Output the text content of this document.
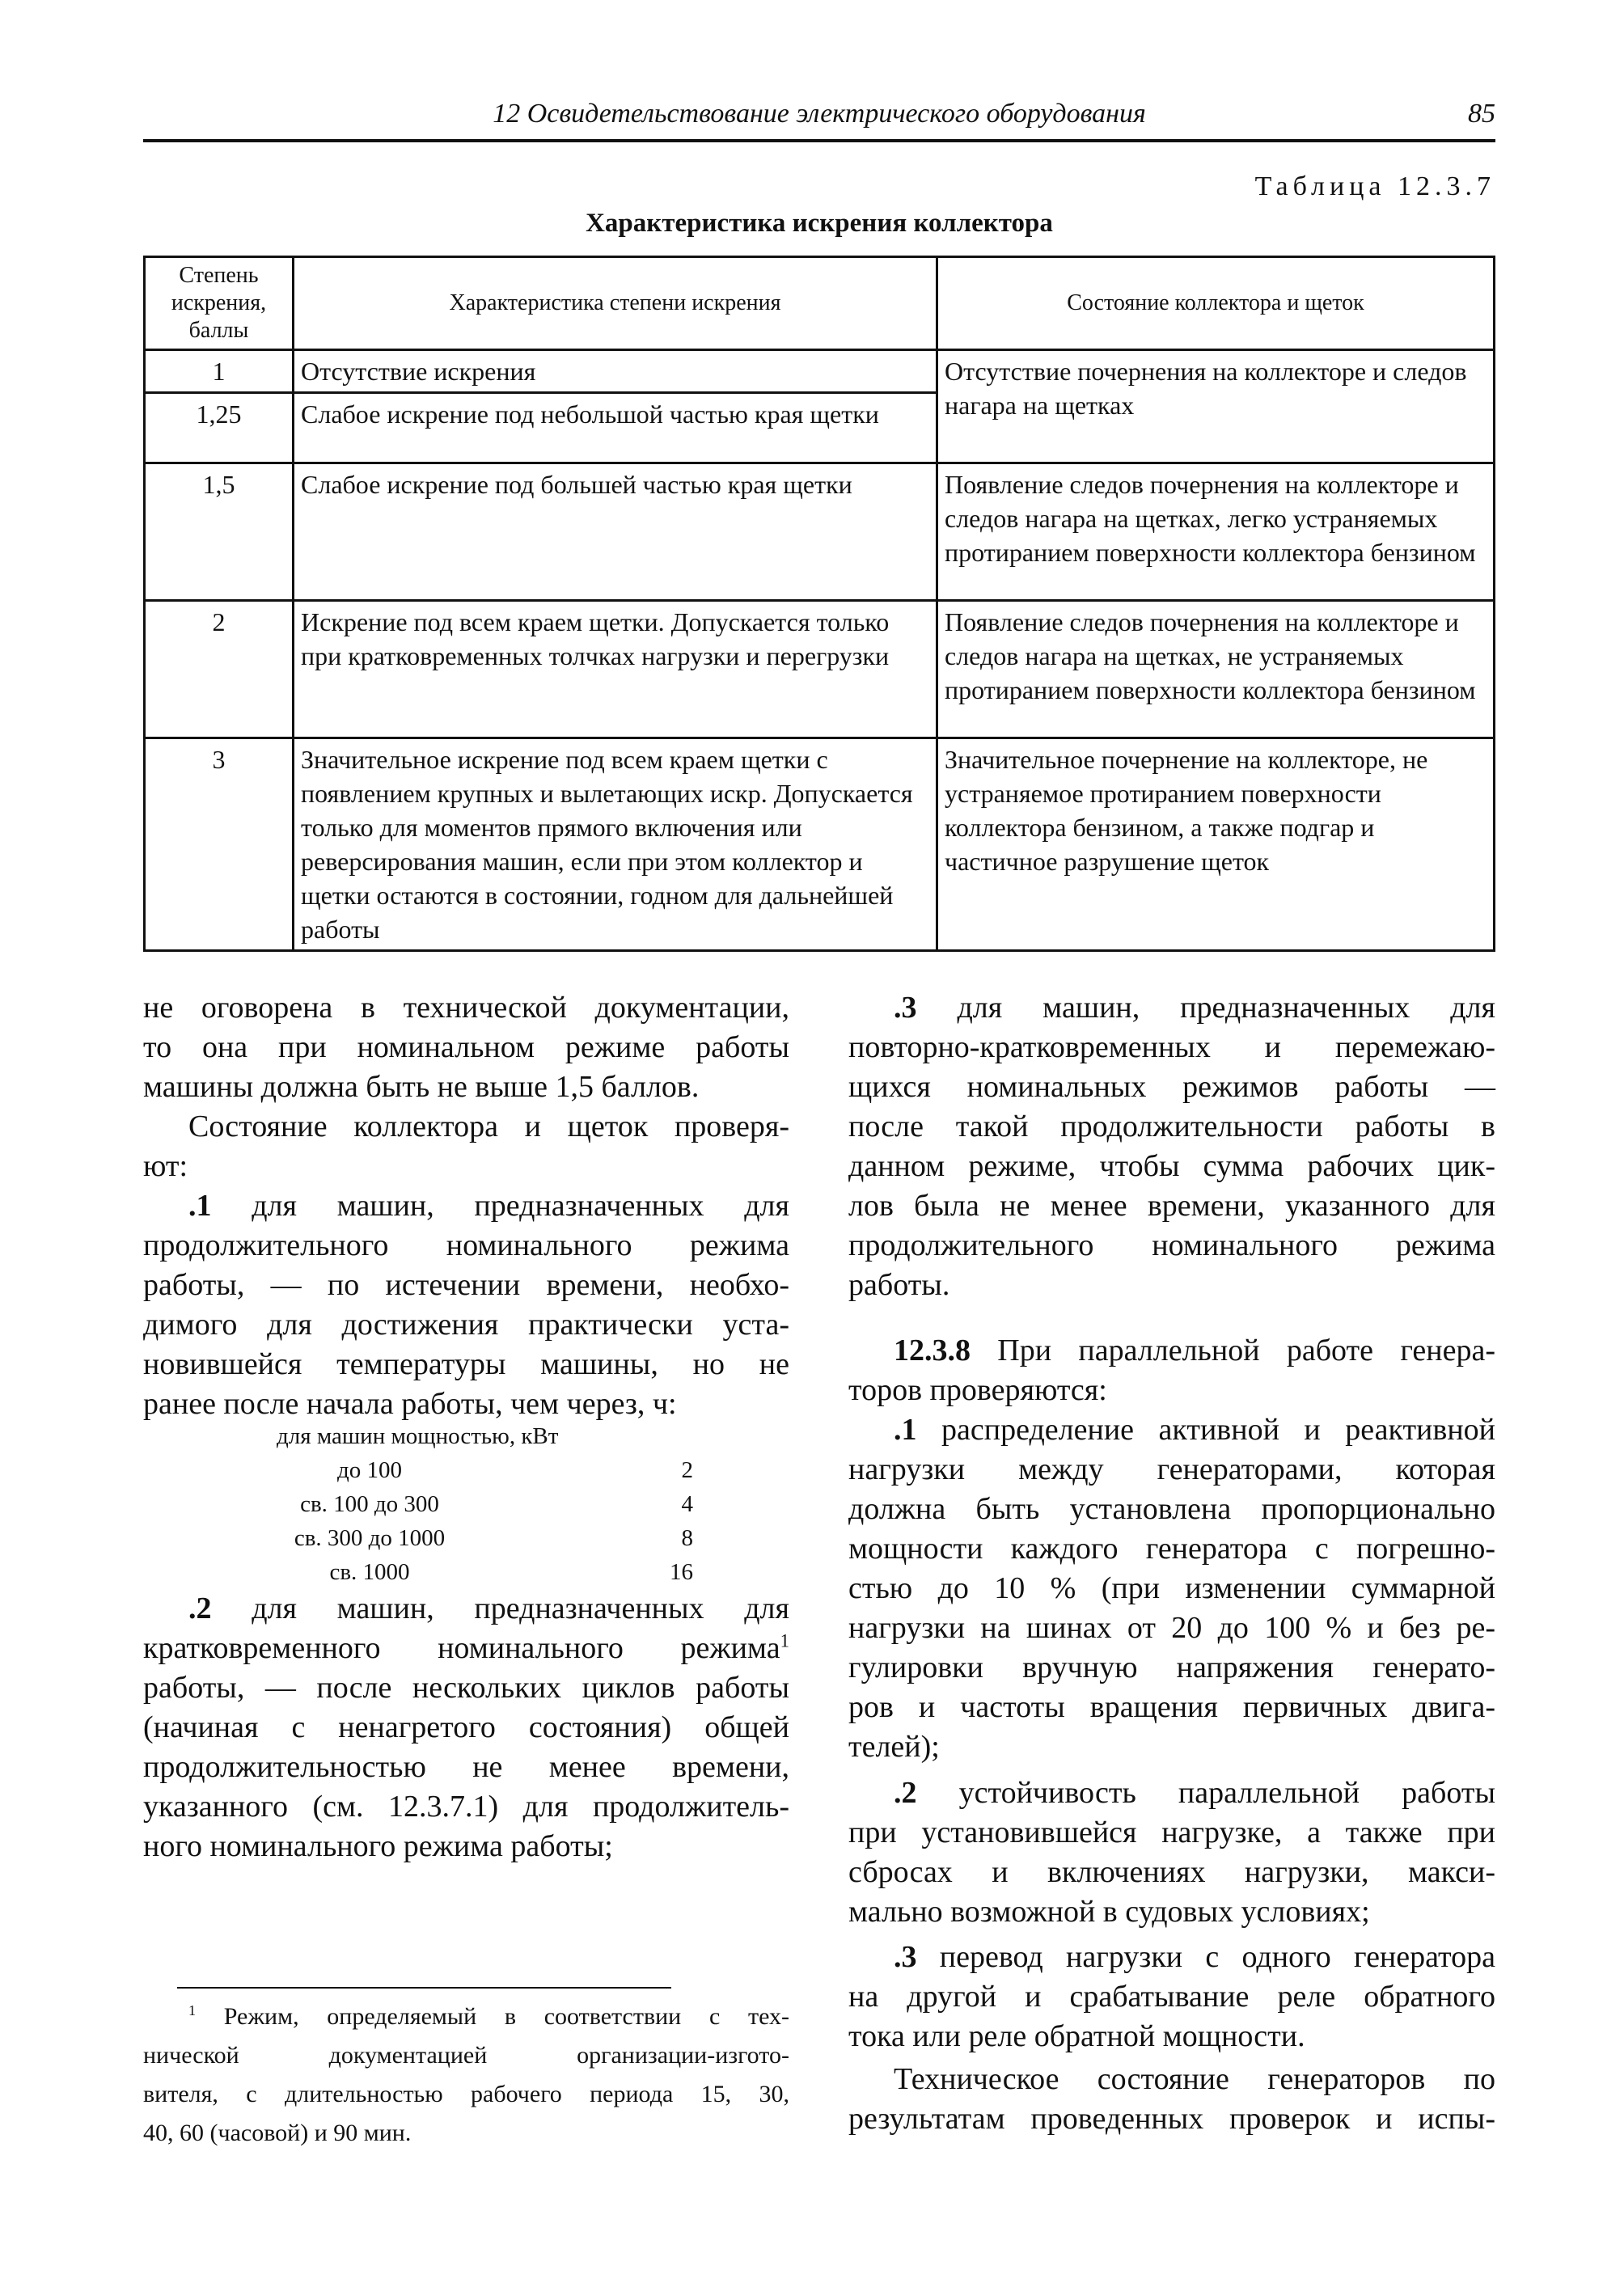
12 Освидетельствование электрического оборудования	85
Таблица 12.3.7
Характеристика искрения коллектора
Степень искрения, баллы	Характеристика степени искрения	Состояние коллектора и щеток
1	Отсутствие искрения	Отсутствие почернения на коллекторе и следов нагара на щетках
1,25	Слабое искрение под небольшой частью края щетки	
1,5	Слабое искрение под большей частью края щетки	Появление следов почернения на коллекторе и следов нагара на щетках, легко устраняемых протиранием поверхности коллектора бензином
2	Искрение под всем краем щетки. Допускается только при кратковременных толчках нагрузки и перегрузки	Появление следов почернения на коллекторе и следов нагара на щетках, не устраняемых протиранием поверхности коллектора бензином
3	Значительное искрение под всем краем щетки с появлением крупных и вылетающих искр. Допускается только для моментов прямого включения или реверсирования машин, если при этом коллектор и щетки остаются в состоянии, годном для дальнейшей работы	Значительное почернение на коллекторе, не устраняемое протиранием поверхности коллектора бензином, а также подгар и частичное разрушение щеток
не оговорена в технической документации,
то она при номинальном режиме работы
машины должна быть не выше 1,5 баллов.
Состояние коллектора и щеток проверя-
ют:
.1 для машин, предназначенных для
продолжительного номинального режима
работы, — по истечении времени, необхо-
димого для достижения практически уста-
новившейся температуры машины, но не
ранее после начала работы, чем через, ч:
для машин мощностью, кВт
до 100	2
св. 100 до 300	4
св. 300 до 1000	8
св. 1000	16
.2 для машин, предназначенных для
кратковременного номинального режима$^1$
работы, — после нескольких циклов работы
(начиная с ненагретого состояния) общей
продолжительностью не менее времени,
указанного (см. 12.3.7.1) для продолжитель-
ного номинального режима работы;
.3 для машин, предназначенных для
повторно-кратковременных и перемежаю-
щихся номинальных режимов работы —
после такой продолжительности работы в
данном режиме, чтобы сумма рабочих цик-
лов была не менее времени, указанного для
продолжительного номинального режима
работы.
12.3.8 При параллельной работе генера-
торов проверяются:
.1 распределение активной и реактивной
нагрузки между генераторами, которая
должна быть установлена пропорционально
мощности каждого генератора с погрешно-
стью до 10 % (при изменении суммарной
нагрузки на шинах от 20 до 100 % и без ре-
гулировки вручную напряжения генерато-
ров и частоты вращения первичных двига-
телей);
.2 устойчивость параллельной работы
при установившейся нагрузке, а также при
сбросах и включениях нагрузки, макси-
мально возможной в судовых условиях;
.3 перевод нагрузки с одного генератора
на другой и срабатывание реле обратного
тока или реле обратной мощности.
Техническое состояние генераторов по
результатам проведенных проверок и испы-
$^1$ Режим, определяемый в соответствии с тех-
нической документацией организации-изгото-
вителя, с длительностью рабочего периода 15, 30,
40, 60 (часовой) и 90 мин.
